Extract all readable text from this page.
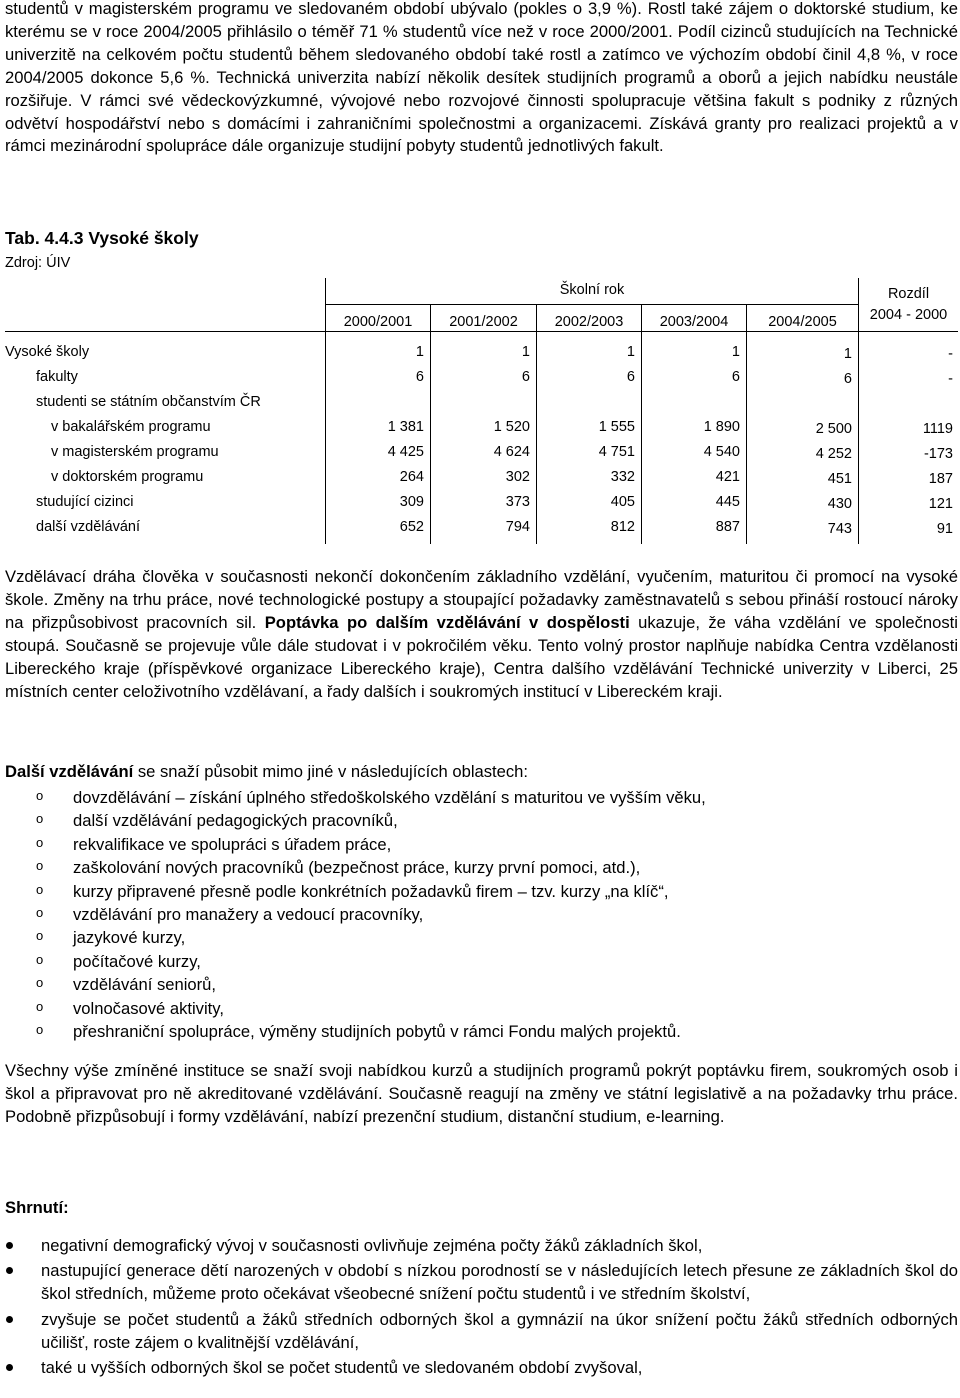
studentů v magisterském programu ve sledovaném období ubývalo (pokles o 3,9 %). Rostl také zájem o doktorské studium, ke kterému se v roce 2004/2005 přihlásilo o téměř 71 % studentů více než v roce 2000/2001. Podíl cizinců studujících na Technické univerzitě na celkovém počtu studentů během sledovaného období také rostl a zatímco ve výchozím období činil 4,8 %, v roce 2004/2005 dokonce 5,6 %. Technická univerzita nabízí několik desítek studijních programů a oborů a jejich nabídku neustále rozšiřuje. V rámci své vědeckovýzkumné, vývojové nebo rozvojové činnosti spolupracuje většina fakult s podniky z různých odvětví hospodářství nebo s domácími i zahraničními společnostmi a organizacemi. Získává granty pro realizaci projektů a v rámci mezinárodní spolupráce dále organizuje studijní pobyty studentů jednotlivých fakult.

Tab. 4.4.3 Vysoké školy
Zdroj: ÚIV
Školní rok	Rozdíl
2004 - 2000
2000/2001	2001/2002	2002/2003	2003/2004	2004/2005
Vysoké školy	1	1	1	1	1	-
fakulty	6	6	6	6	6	-
studenti se státním občanstvím ČR
v bakalářském programu	1 381	1 520	1 555	1 890	2 500	1119
v magisterském programu	4 425	4 624	4 751	4 540	4 252	-173
v doktorském programu	264	302	332	421	451	187
studující cizinci	309	373	405	445	430	121
další vzdělávání	652	794	812	887	743	91

Vzdělávací dráha člověka v současnosti nekončí dokončením základního vzdělání, vyučením, maturitou či promocí na vysoké škole. Změny na trhu práce, nové technologické postupy a stoupající požadavky zaměstnavatelů s sebou přináší rostoucí nároky na přizpůsobivost pracovních sil. Poptávka po dalším vzdělávání v dospělosti ukazuje, že váha vzdělání ve společnosti stoupá. Současně se projevuje vůle dále studovat i v pokročilém věku. Tento volný prostor naplňuje nabídka Centra vzdělanosti Libereckého kraje (příspěvkové organizace Libereckého kraje), Centra dalšího vzdělávání Technické univerzity v Liberci, 25 místních center celoživotního vzdělávaní, a řady dalších i soukromých institucí v Libereckém kraji.

Další vzdělávání se snaží působit mimo jiné v následujících oblastech:
o dovzdělávání – získání úplného středoškolského vzdělání s maturitou ve vyšším věku,
o další vzdělávání pedagogických pracovníků,
o rekvalifikace ve spolupráci s úřadem práce,
o zaškolování nových pracovníků (bezpečnost práce, kurzy první pomoci, atd.),
o kurzy připravené přesně podle konkrétních požadavků firem – tzv. kurzy „na klíč“,
o vzdělávání pro manažery a vedoucí pracovníky,
o jazykové kurzy,
o počítačové kurzy,
o vzdělávání seniorů,
o volnočasové aktivity,
o přeshraniční spolupráce, výměny studijních pobytů v rámci Fondu malých projektů.

Všechny výše zmíněné instituce se snaží svoji nabídkou kurzů a studijních programů pokrýt poptávku firem, soukromých osob i škol a připravovat pro ně akreditované vzdělávání. Současně reagují na změny ve státní legislativě a na požadavky trhu práce. Podobně přizpůsobují i formy vzdělávání, nabízí prezenční studium, distanční studium, e-learning.

Shrnutí:
negativní demografický vývoj v současnosti ovlivňuje zejména počty žáků základních škol,
nastupující generace dětí narozených v období s nízkou porodností se v následujících letech přesune ze základních škol do škol středních, můžeme proto očekávat všeobecné snížení počtu studentů i ve středním školství,
zvyšuje se počet studentů a žáků středních odborných škol a gymnázií na úkor snížení počtu žáků středních odborných učilišť, roste zájem o kvalitnější vzdělávání,
také u vyšších odborných škol se počet studentů ve sledovaném období zvyšoval,
